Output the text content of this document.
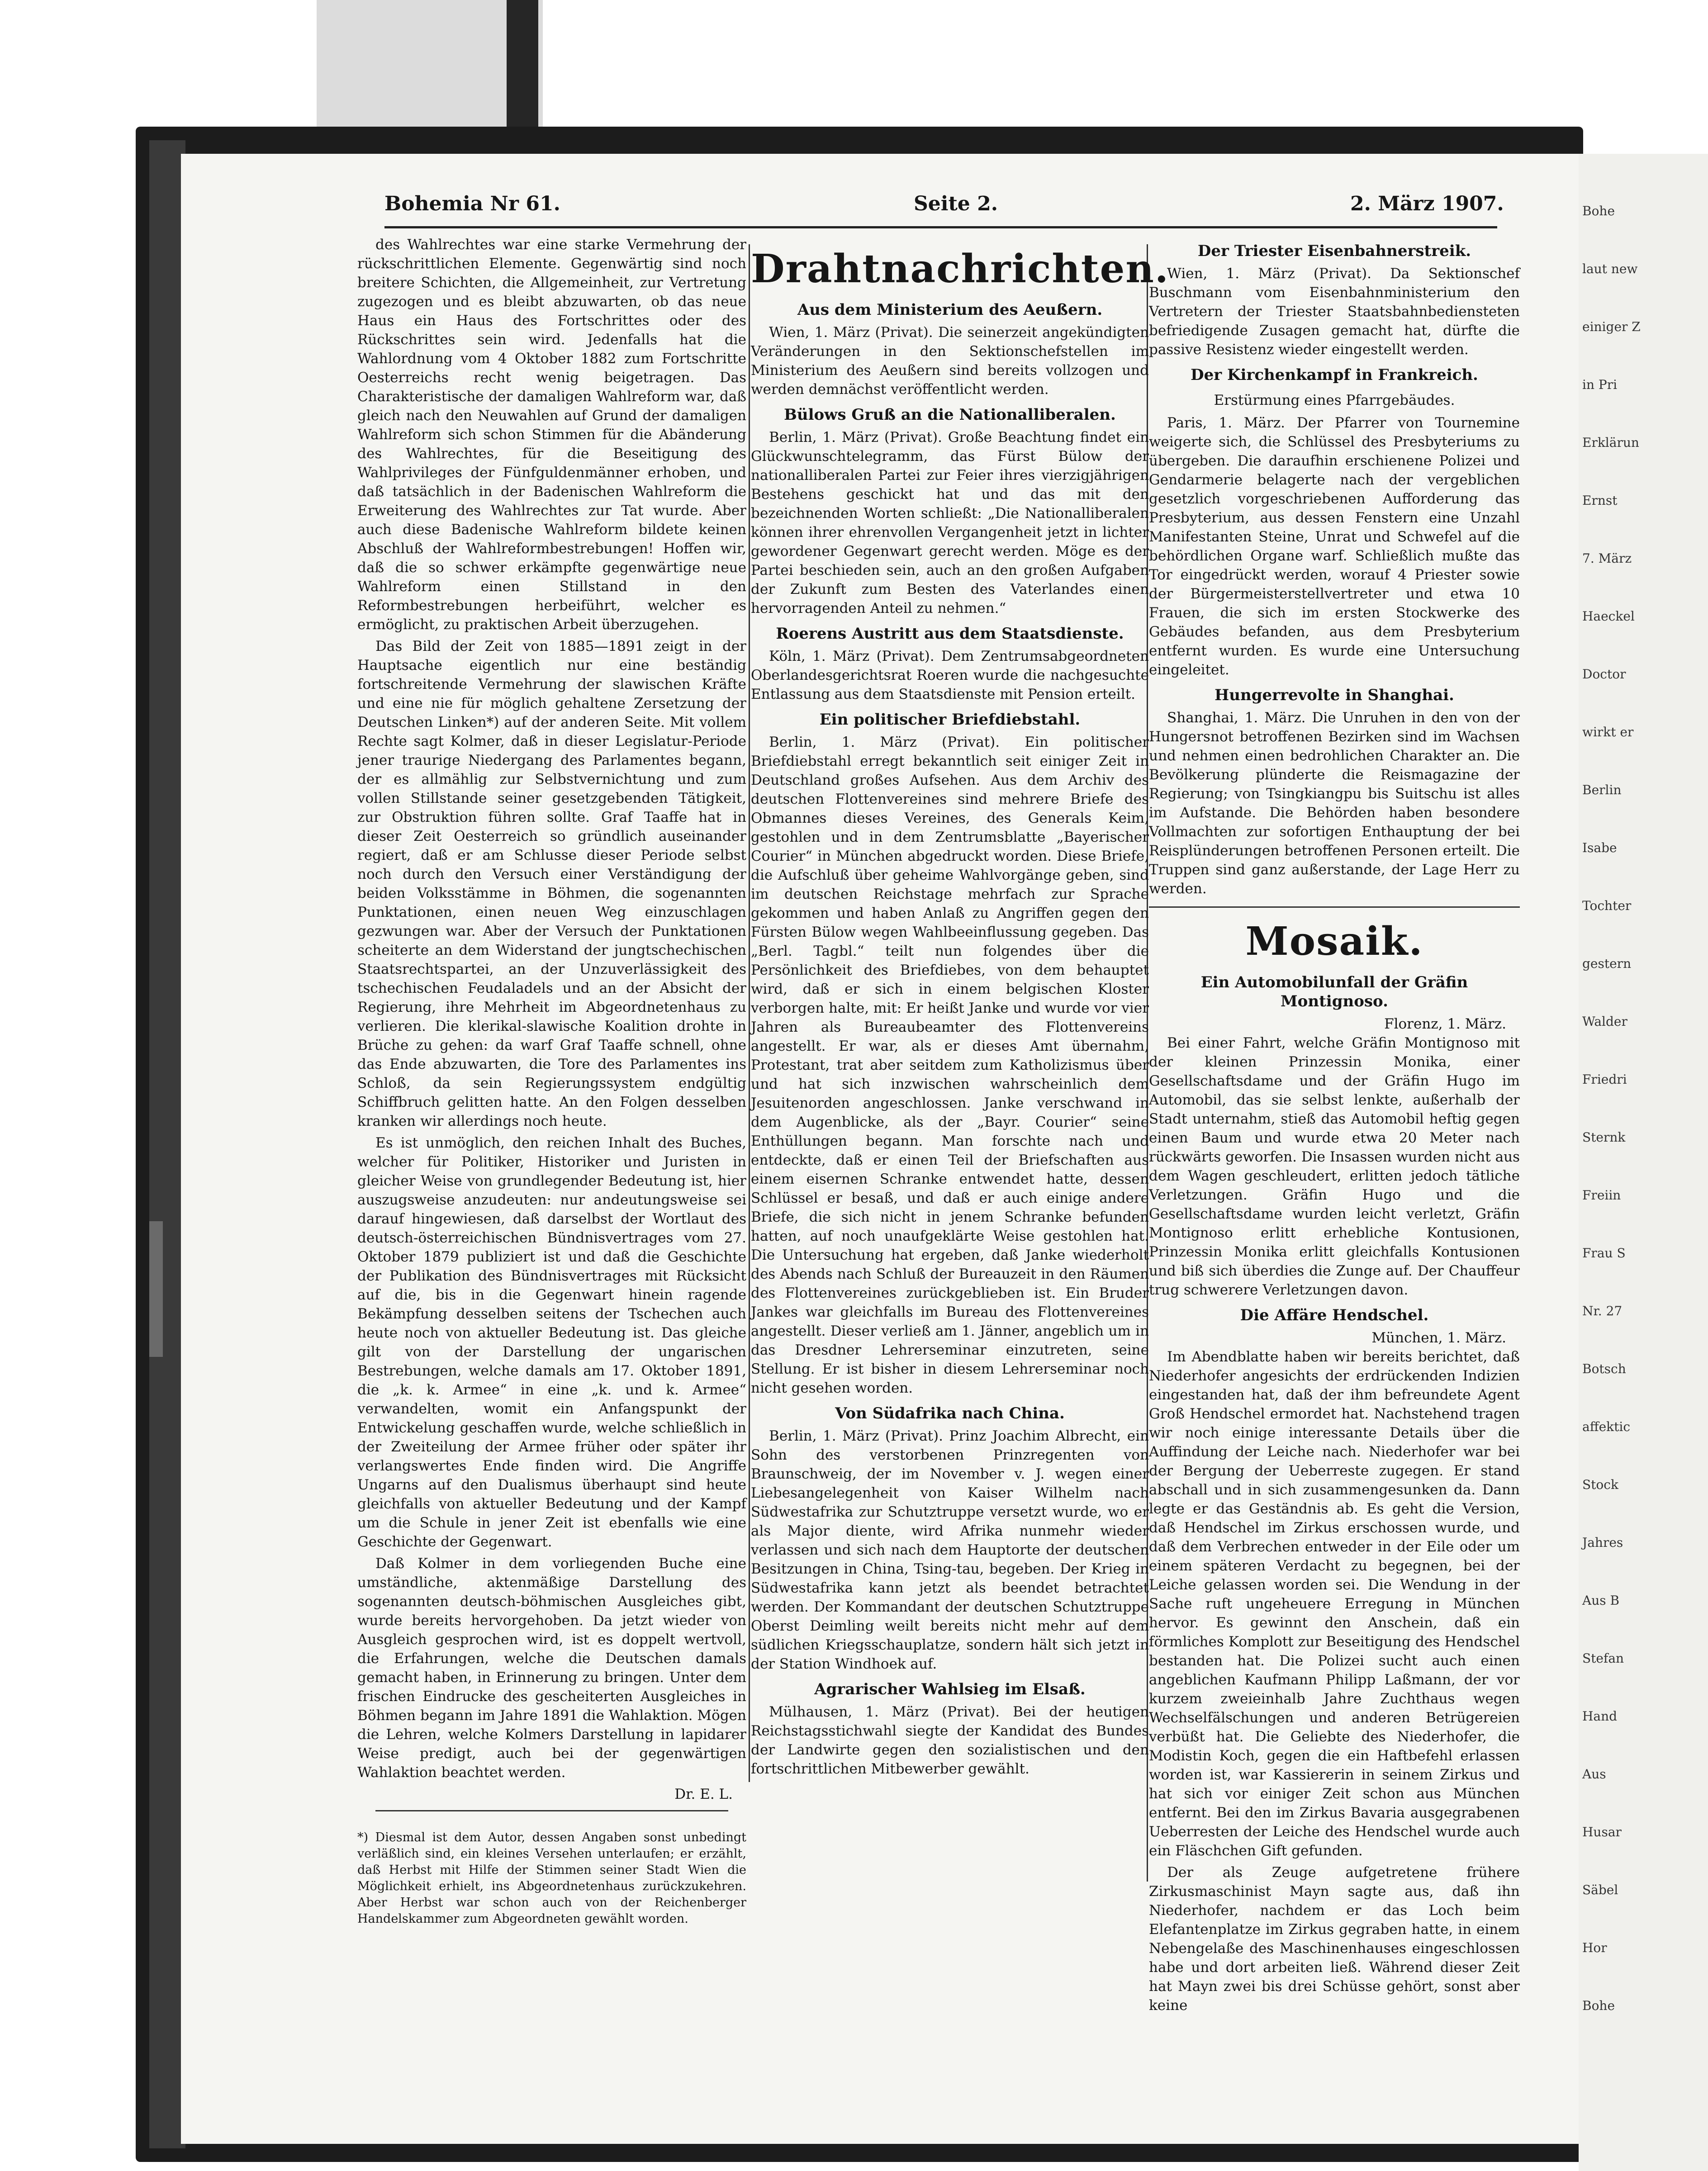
Bohemia Nr 61.	Seite 2.	2. März 1907.

des Wahlrechtes war eine starke Vermehrung der rückschrittlichen Elemente. Gegenwärtig sind noch breitere Schichten, die Allgemeinheit, zur Vertretung zugezogen und es bleibt abzuwarten, ob das neue Haus ein Haus des Fortschrittes oder des Rückschrittes sein wird. Jedenfalls hat die Wahlordnung vom 4 Oktober 1882 zum Fortschritte Oesterreichs recht wenig beigetragen. Das Charakteristische der damaligen Wahlreform war, daß gleich nach den Neuwahlen auf Grund der damaligen Wahlreform sich schon Stimmen für die Abänderung des Wahlrechtes, für die Beseitigung des Wahlprivileges der Fünfguldenmänner erhoben, und daß tatsächlich in der Badenischen Wahlreform die Erweiterung des Wahlrechtes zur Tat wurde. Aber auch diese Badenische Wahlreform bildete keinen Abschluß der Wahlreformbestrebungen! Hoffen wir, daß die so schwer erkämpfte gegenwärtige neue Wahlreform einen Stillstand in den Reformbestrebungen herbeiführt, welcher es ermöglicht, zu praktischen Arbeit überzugehen.

Das Bild der Zeit von 1885—1891 zeigt in der Hauptsache eigentlich nur eine beständig fortschreitende Vermehrung der slawischen Kräfte und eine nie für möglich gehaltene Zersetzung der Deutschen Linken*) auf der anderen Seite. Mit vollem Rechte sagt Kolmer, daß in dieser Legislatur-Periode jener traurige Niedergang des Parlamentes begann, der es allmählig zur Selbstvernichtung und zum vollen Stillstande seiner gesetzgebenden Tätigkeit, zur Obstruktion führen sollte. Graf Taaffe hat in dieser Zeit Oesterreich so gründlich auseinander regiert, daß er am Schlusse dieser Periode selbst noch durch den Versuch einer Verständigung der beiden Volksstämme in Böhmen, die sogenannten Punktationen, einen neuen Weg einzuschlagen gezwungen war. Aber der Versuch der Punktationen scheiterte an dem Widerstand der jungtschechischen Staatsrechtspartei, an der Unzuverlässigkeit des tschechischen Feudaladels und an der Absicht der Regierung, ihre Mehrheit im Abgeordnetenhaus zu verlieren. Die klerikal-slawische Koalition drohte in Brüche zu gehen: da warf Graf Taaffe schnell, ohne das Ende abzuwarten, die Tore des Parlamentes ins Schloß, da sein Regierungssystem endgültig Schiffbruch gelitten hatte. An den Folgen desselben kranken wir allerdings noch heute.

Es ist unmöglich, den reichen Inhalt des Buches, welcher für Politiker, Historiker und Juristen in gleicher Weise von grundlegender Bedeutung ist, hier auszugsweise anzudeuten: nur andeutungsweise sei darauf hingewiesen, daß darselbst der Wortlaut des deutsch-österreichischen Bündnisvertrages vom 27. Oktober 1879 publiziert ist und daß die Geschichte der Publikation des Bündnisvertrages mit Rücksicht auf die, bis in die Gegenwart hinein ragende Bekämpfung desselben seitens der Tschechen auch heute noch von aktueller Bedeutung ist. Das gleiche gilt von der Darstellung der ungarischen Bestrebungen, welche damals am 17. Oktober 1891, die „k. k. Armee“ in eine „k. und k. Armee“ verwandelten, womit ein Anfangspunkt der Entwickelung geschaffen wurde, welche schließlich in der Zweiteilung der Armee früher oder später ihr verlangswertes Ende finden wird. Die Angriffe Ungarns auf den Dualismus überhaupt sind heute gleichfalls von aktueller Bedeutung und der Kampf um die Schule in jener Zeit ist ebenfalls wie eine Geschichte der Gegenwart.

Daß Kolmer in dem vorliegenden Buche eine umständliche, aktenmäßige Darstellung des sogenannten deutsch-böhmischen Ausgleiches gibt, wurde bereits hervorgehoben. Da jetzt wieder von Ausgleich gesprochen wird, ist es doppelt wertvoll, die Erfahrungen, welche die Deutschen damals gemacht haben, in Erinnerung zu bringen. Unter dem frischen Eindrucke des gescheiterten Ausgleiches in Böhmen begann im Jahre 1891 die Wahlaktion. Mögen die Lehren, welche Kolmers Darstellung in lapidarer Weise predigt, auch bei der gegenwärtigen Wahlaktion beachtet werden.

Dr. E. L.
*) Diesmal ist dem Autor, dessen Angaben sonst unbedingt verläßlich sind, ein kleines Versehen unterlaufen; er erzählt, daß Herbst mit Hilfe der Stimmen seiner Stadt Wien die Möglichkeit erhielt, ins Abgeordnetenhaus zurückzukehren. Aber Herbst war schon auch von der Reichenberger Handelskammer zum Abgeordneten gewählt worden.
Drahtnachrichten.
Aus dem Ministerium des Aeußern.

Wien, 1. März (Privat). Die seinerzeit angekündigten Veränderungen in den Sektionschefstellen im Ministerium des Aeußern sind bereits vollzogen und werden demnächst veröffentlicht werden.

Bülows Gruß an die Nationalliberalen.

Berlin, 1. März (Privat). Große Beachtung findet ein Glückwunschtelegramm, das Fürst Bülow der nationalliberalen Partei zur Feier ihres vierzigjährigen Bestehens geschickt hat und das mit den bezeichnenden Worten schließt: „Die Nationalliberalen können ihrer ehrenvollen Vergangenheit jetzt in lichter gewordener Gegenwart gerecht werden. Möge es der Partei beschieden sein, auch an den großen Aufgaben der Zukunft zum Besten des Vaterlandes einen hervorragenden Anteil zu nehmen.“

Roerens Austritt aus dem Staatsdienste.

Köln, 1. März (Privat). Dem Zentrumsabgeordneten Oberlandesgerichtsrat Roeren wurde die nachgesuchte Entlassung aus dem Staatsdienste mit Pension erteilt.

Ein politischer Briefdiebstahl.

Berlin, 1. März (Privat). Ein politischer Briefdiebstahl erregt bekanntlich seit einiger Zeit in Deutschland großes Aufsehen. Aus dem Archiv des deutschen Flottenvereines sind mehrere Briefe des Obmannes dieses Vereines, des Generals Keim, gestohlen und in dem Zentrumsblatte „Bayerischer Courier“ in München abgedruckt worden. Diese Briefe, die Aufschluß über geheime Wahlvorgänge geben, sind im deutschen Reichstage mehrfach zur Sprache gekommen und haben Anlaß zu Angriffen gegen den Fürsten Bülow wegen Wahlbeeinflussung gegeben. Das „Berl. Tagbl.“ teilt nun folgendes über die Persönlichkeit des Briefdiebes, von dem behauptet wird, daß er sich in einem belgischen Kloster verborgen halte, mit: Er heißt Janke und wurde vor vier Jahren als Bureaubeamter des Flottenvereins angestellt. Er war, als er dieses Amt übernahm, Protestant, trat aber seitdem zum Katholizismus über und hat sich inzwischen wahrscheinlich dem Jesuitenorden angeschlossen. Janke verschwand in dem Augenblicke, als der „Bayr. Courier“ seine Enthüllungen begann. Man forschte nach und entdeckte, daß er einen Teil der Briefschaften aus einem eisernen Schranke entwendet hatte, dessen Schlüssel er besaß, und daß er auch einige andere Briefe, die sich nicht in jenem Schranke befunden hatten, auf noch unaufgeklärte Weise gestohlen hat. Die Untersuchung hat ergeben, daß Janke wiederholt des Abends nach Schluß der Bureauzeit in den Räumen des Flottenvereines zurückgeblieben ist. Ein Bruder Jankes war gleichfalls im Bureau des Flottenvereines angestellt. Dieser verließ am 1. Jänner, angeblich um in das Dresdner Lehrerseminar einzutreten, seine Stellung. Er ist bisher in diesem Lehrerseminar noch nicht gesehen worden.

Von Südafrika nach China.

Berlin, 1. März (Privat). Prinz Joachim Albrecht, ein Sohn des verstorbenen Prinzregenten von Braunschweig, der im November v. J. wegen einer Liebesangelegenheit von Kaiser Wilhelm nach Südwestafrika zur Schutztruppe versetzt wurde, wo er als Major diente, wird Afrika nunmehr wieder verlassen und sich nach dem Hauptorte der deutschen Besitzungen in China, Tsing-tau, begeben. Der Krieg in Südwestafrika kann jetzt als beendet betrachtet werden. Der Kommandant der deutschen Schutztruppe Oberst Deimling weilt bereits nicht mehr auf dem südlichen Kriegsschauplatze, sondern hält sich jetzt in der Station Windhoek auf.

Agrarischer Wahlsieg im Elsaß.

Mülhausen, 1. März (Privat). Bei der heutigen Reichstagsstichwahl siegte der Kandidat des Bundes der Landwirte gegen den sozialistischen und den fortschrittlichen Mitbewerber gewählt.

Der Triester Eisenbahnerstreik.

Wien, 1. März (Privat). Da Sektionschef Buschmann vom Eisenbahnministerium den Vertretern der Triester Staatsbahnbediensteten befriedigende Zusagen gemacht hat, dürfte die passive Resistenz wieder eingestellt werden.

Der Kirchenkampf in Frankreich.
Erstürmung eines Pfarrgebäudes.

Paris, 1. März. Der Pfarrer von Tournemine weigerte sich, die Schlüssel des Presbyteriums zu übergeben. Die daraufhin erschienene Polizei und Gendarmerie belagerte nach der vergeblichen gesetzlich vorgeschriebenen Aufforderung das Presbyterium, aus dessen Fenstern eine Unzahl Manifestanten Steine, Unrat und Schwefel auf die behördlichen Organe warf. Schließlich mußte das Tor eingedrückt werden, worauf 4 Priester sowie der Bürgermeisterstellvertreter und etwa 10 Frauen, die sich im ersten Stockwerke des Gebäudes befanden, aus dem Presbyterium entfernt wurden. Es wurde eine Untersuchung eingeleitet.

Hungerrevolte in Shanghai.

Shanghai, 1. März. Die Unruhen in den von der Hungersnot betroffenen Bezirken sind im Wachsen und nehmen einen bedrohlichen Charakter an. Die Bevölkerung plünderte die Reismagazine der Regierung; von Tsingkiangpu bis Suitschu ist alles im Aufstande. Die Behörden haben besondere Vollmachten zur sofortigen Enthauptung der bei Reisplünderungen betroffenen Personen erteilt. Die Truppen sind ganz außerstande, der Lage Herr zu werden.

Mosaik.
Ein Automobilunfall der Gräfin Montignoso.
Florenz, 1. März.

Bei einer Fahrt, welche Gräfin Montignoso mit der kleinen Prinzessin Monika, einer Gesellschaftsdame und der Gräfin Hugo im Automobil, das sie selbst lenkte, außerhalb der Stadt unternahm, stieß das Automobil heftig gegen einen Baum und wurde etwa 20 Meter nach rückwärts geworfen. Die Insassen wurden nicht aus dem Wagen geschleudert, erlitten jedoch tätliche Verletzungen. Gräfin Hugo und die Gesellschaftsdame wurden leicht verletzt, Gräfin Montignoso erlitt erhebliche Kontusionen, Prinzessin Monika erlitt gleichfalls Kontusionen und biß sich überdies die Zunge auf. Der Chauffeur trug schwerere Verletzungen davon.

Die Affäre Hendschel.
München, 1. März.

Im Abendblatte haben wir bereits berichtet, daß Niederhofer angesichts der erdrückenden Indizien eingestanden hat, daß der ihm befreundete Agent Groß Hendschel ermordet hat. Nachstehend tragen wir noch einige interessante Details über die Auffindung der Leiche nach. Niederhofer war bei der Bergung der Ueberreste zugegen. Er stand abschall und in sich zusammengesunken da. Dann legte er das Geständnis ab. Es geht die Version, daß Hendschel im Zirkus erschossen wurde, und daß dem Verbrechen entweder in der Eile oder um einem späteren Verdacht zu begegnen, bei der Leiche gelassen worden sei. Die Wendung in der Sache ruft ungeheuere Erregung in München hervor. Es gewinnt den Anschein, daß ein förmliches Komplott zur Beseitigung des Hendschel bestanden hat. Die Polizei sucht auch einen angeblichen Kaufmann Philipp Laßmann, der vor kurzem zweieinhalb Jahre Zuchthaus wegen Wechselfälschungen und anderen Betrügereien verbüßt hat. Die Geliebte des Niederhofer, die Modistin Koch, gegen die ein Haftbefehl erlassen worden ist, war Kassiererin in seinem Zirkus und hat sich vor einiger Zeit schon aus München entfernt. Bei den im Zirkus Bavaria ausgegrabenen Ueberresten der Leiche des Hendschel wurde auch ein Fläschchen Gift gefunden.

Der als Zeuge aufgetretene frühere Zirkusmaschinist Mayn sagte aus, daß ihn Niederhofer, nachdem er das Loch beim Elefantenplatze im Zirkus gegraben hatte, in einem Nebengelaße des Maschinenhauses eingeschlossen habe und dort arbeiten ließ. Während dieser Zeit hat Mayn zwei bis drei Schüsse gehört, sonst aber keine

Bohe
laut new
einiger Z
in Pri
Erklärun
Ernst
7. März
Haeckel
Doctor
wirkt er
Berlin
Isabe
Tochter
gestern
Walder
Friedri
Sternk
Freiin
Frau S
Nr. 27
Botsch
affektic
Stock
Jahres
Aus B
Stefan
Hand
Aus
Husar
Säbel
Hor
Bohe
